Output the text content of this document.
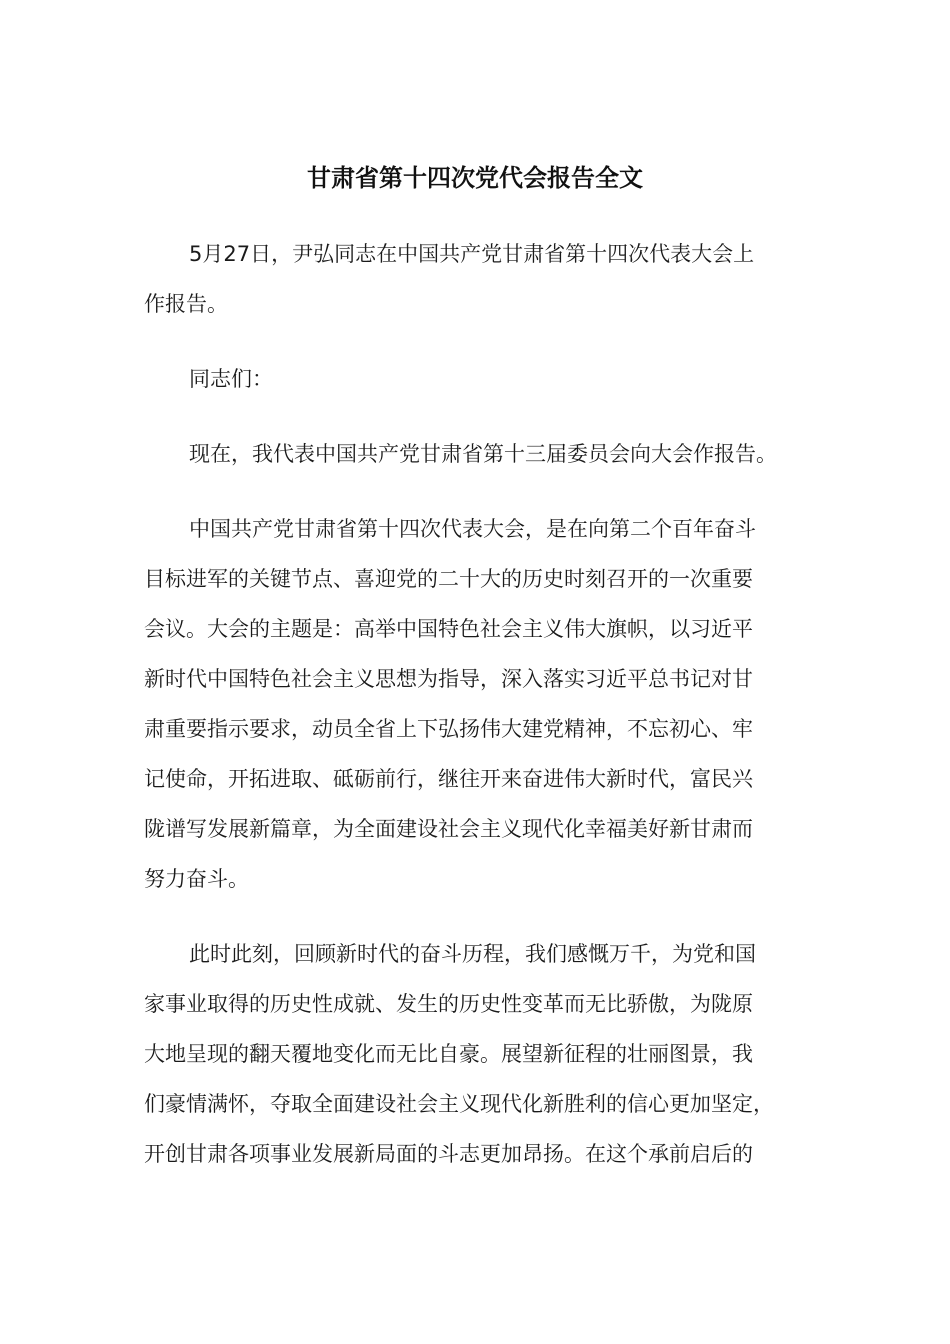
甘肃省第十四次党代会报告全文

5月27日，尹弘同志在中国共产党甘肃省第十四次代表大会上
作报告。

同志们：

现在，我代表中国共产党甘肃省第十三届委员会向大会作报告。

中国共产党甘肃省第十四次代表大会，是在向第二个百年奋斗
目标进军的关键节点、喜迎党的二十大的历史时刻召开的一次重要
会议。大会的主题是：高举中国特色社会主义伟大旗帜，以习近平
新时代中国特色社会主义思想为指导，深入落实习近平总书记对甘
肃重要指示要求，动员全省上下弘扬伟大建党精神，不忘初心、牢
记使命，开拓进取、砥砺前行，继往开来奋进伟大新时代，富民兴
陇谱写发展新篇章，为全面建设社会主义现代化幸福美好新甘肃而
努力奋斗。

此时此刻，回顾新时代的奋斗历程，我们感慨万千，为党和国
家事业取得的历史性成就、发生的历史性变革而无比骄傲，为陇原
大地呈现的翻天覆地变化而无比自豪。展望新征程的壮丽图景，我
们豪情满怀，夺取全面建设社会主义现代化新胜利的信心更加坚定，
开创甘肃各项事业发展新局面的斗志更加昂扬。在这个承前启后的
